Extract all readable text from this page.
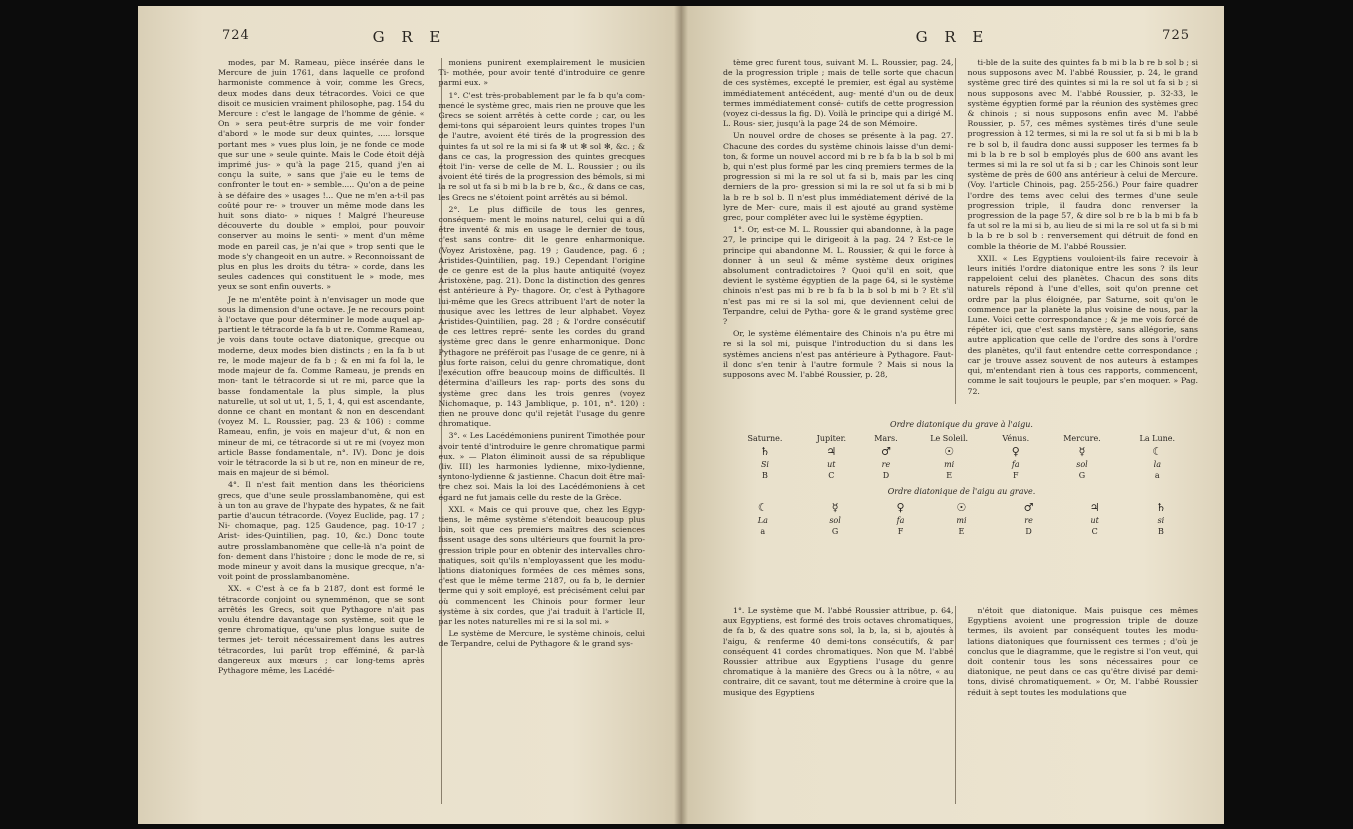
724	G R E

modes, par M. Rameau, pièce insérée dans le Mercure de juin 1761, dans laquelle ce profond harmoniste commence à voir, comme les Grecs, deux modes dans deux tétracordes. Voici ce que disoit ce musicien vraiment philosophe, pag. 154 du Mercure : c'est le langage de l'homme de génie. « On » sera peut-être surpris de me voir fonder d'abord » le mode sur deux quintes, ..... lorsque portant mes » vues plus loin, je ne fonde ce mode que sur une » seule quinte. Mais le Code étoit déjà imprimé jus- » qu'à la page 215, quand j'en ai conçu la suite, » sans que j'aie eu le tems de confronter le tout en- » semble..... Qu'on a de peine à se défaire des » usages !... Que ne m'en a-t-il pas coûté pour re- » trouver un même mode dans les huit sons diato- » niques ! Malgré l'heureuse découverte du double » emploi, pour pouvoir conserver au moins le senti- » ment d'un même mode en pareil cas, je n'ai que » trop senti que le mode s'y changeoit en un autre. » Reconnoissant de plus en plus les droits du tétra- » corde, dans les seules cadences qui constituent le » mode, mes yeux se sont enfin ouverts. »

Je ne m'entête point à n'envisager un mode que sous la dimension d'une octave. Je ne recours point à l'octave que pour déterminer le mode auquel ap- partient le tétracorde la fa b ut re. Comme Rameau, je vois dans toute octave diatonique, grecque ou moderne, deux modes bien distincts ; en la fa b ut re, le mode majeur de fa b ; & en mi fa fol la, le mode majeur de fa. Comme Rameau, je prends en mon- tant le tétracorde si ut re mi, parce que la basse fondamentale la plus simple, la plus naturelle, ut sol ut ut, 1, 5, 1, 4, qui est ascendante, donne ce chant en montant & non en descendant (voyez M. L. Roussier, pag. 23 & 106) : comme Rameau, enfin, je vois en majeur d'ut, & non en mineur de mi, ce tétracorde si ut re mi (voyez mon article Basse fondamentale, n°. IV). Donc je dois voir le tétracorde la si b ut re, non en mineur de re, mais en majeur de si bémol.

4°. Il n'est fait mention dans les théoriciens grecs, que d'une seule prosslambanomène, qui est à un ton au grave de l'hypate des hypates, & ne fait partie d'aucun tétracorde. (Voyez Euclide, pag. 17 ; Ni- chomaque, pag. 125 Gaudence, pag. 10-17 ; Arist- ides-Quintilien, pag. 10, &c.) Donc toute autre prosslambanomène que celle-là n'a point de fon- dement dans l'histoire ; donc le mode de re, si mode mineur y avoit dans la musique grecque, n'a- voit point de prosslambanomène.

XX. « C'est à ce fa b 2187, dont est formé le tétracorde conjoint ou synemménon, que se sont arrêtés les Grecs, soit que Pythagore n'ait pas voulu étendre davantage son système, soit que le genre chromatique, qu'une plus longue suite de termes jet- teroit nécessairement dans les autres tétracordes, lui parût trop efféminé, & par-là dangereux aux mœurs ; car long-tems après Pythagore même, les Lacédé-

moniens punirent exemplairement le musicien Ti- mothée, pour avoir tenté d'introduire ce genre parmi eux. »

1°. C'est très-probablement par le fa b qu'a com- mencé le système grec, mais rien ne prouve que les Grecs se soient arrêtés à cette corde ; car, ou les demi-tons qui séparoient leurs quintes tropes l'un de l'autre, avoient été tirés de la progression des quintes fa ut sol re la mi si fa ✻ ut ✻ sol ✻, &c. ; & dans ce cas, la progression des quintes grecques étoit l'in- verse de celle de M. L. Roussier ; ou ils avoient été tirés de la progression des bémols, si mi la re sol ut fa si b mi b la b re b, &c., & dans ce cas, les Grecs ne s'étoient point arrêtés au si bémol.

2°. Le plus difficile de tous les genres, conséquem- ment le moins naturel, celui qui a dû être inventé & mis en usage le dernier de tous, c'est sans contre- dit le genre enharmonique. (Voyez Aristoxène, pag. 19 ; Gaudence, pag. 6 ; Aristides-Quintilien, pag. 19.) Cependant l'origine de ce genre est de la plus haute antiquité (voyez Aristoxène, pag. 21). Donc la distinction des genres est antérieure à Py- thagore. Or, c'est à Pythagore lui-même que les Grecs attribuent l'art de noter la musique avec les lettres de leur alphabet. Voyez Aristides-Quintilien, pag. 28 ; & l'ordre consécutif de ces lettres repré- sente les cordes du grand système grec dans le genre enharmonique. Donc Pythagore ne préféroit pas l'usage de ce genre, ni à plus forte raison, celui du genre chromatique, dont l'exécution offre beaucoup moins de difficultés. Il détermina d'ailleurs les rap- ports des sons du système grec dans les trois genres (voyez Nichomaque, p. 143 Jamblique, p. 101, n°. 120) : rien ne prouve donc qu'il rejetât l'usage du genre chromatique.

3°. « Les Lacédémoniens punirent Timothée pour avoir tenté d'introduire le genre chromatique parmi eux. » — Platon éliminoit aussi de sa république (liv. III) les harmonies lydienne, mixo-lydienne, syntono-lydienne & jastienne. Chacun doit être maî- tre chez soi. Mais la loi des Lacédémoniens à cet égard ne fut jamais celle du reste de la Grèce.

XXI. « Mais ce qui prouve que, chez les Egyp- tiens, le même système s'étendoit beaucoup plus loin, soit que ces premiers maîtres des sciences fissent usage des sons ultérieurs que fournit la pro- gression triple pour en obtenir des intervalles chro- matiques, soit qu'ils n'employassent que les modu- lations diatoniques formées de ces mêmes sons, c'est que le même terme 2187, ou fa b, le dernier terme qui y soit employé, est précisément celui par où commencent les Chinois pour former leur système à six cordes, que j'ai traduit à l'article II, par les notes naturelles mi re si la sol mi. »

Le système de Mercure, le système chinois, celui de Terpandre, celui de Pythagore & le grand sys-

G R E	725

tème grec furent tous, suivant M. L. Roussier, pag. 24, de la progression triple ; mais de telle sorte que chacun de ces systèmes, excepté le premier, est égal au système immédiatement antécédent, aug- menté d'un ou de deux termes immédiatement consé- cutifs de cette progression (voyez ci-dessus la fig. D). Voilà le principe qui a dirigé M. L. Rous- sier, jusqu'à la page 24 de son Mémoire.

Un nouvel ordre de choses se présente à la pag. 27. Chacune des cordes du système chinois laisse d'un demi-ton, & forme un nouvel accord mi b re b fa b la b sol b mi b, qui n'est plus formé par les cinq premiers termes de la progression si mi la re sol ut fa si b, mais par les cinq derniers de la pro- gression si mi la re sol ut fa si b mi b la b re b sol b. Il n'est plus immédiatement dérivé de la lyre de Mer- cure, mais il est ajouté au grand système grec, pour compléter avec lui le système égyptien.

1°. Or, est-ce M. L. Roussier qui abandonne, à la page 27, le principe qui le dirigeoit à la pag. 24 ? Est-ce le principe qui abandonne M. L. Roussier, & qui le force à donner à un seul & même système deux origines absolument contradictoires ? Quoi qu'il en soit, que devient le système égyptien de la page 64, si le système chinois n'est pas mi b re b fa b la b sol b mi b ? Et s'il n'est pas mi re si la sol mi, que deviennent celui de Terpandre, celui de Pytha- gore & le grand système grec ?

Or, le système élémentaire des Chinois n'a pu être mi re si la sol mi, puisque l'introduction du si dans les systèmes anciens n'est pas antérieure à Pythagore. Faut-il donc s'en tenir à l'autre formule ? Mais si nous la supposons avec M. l'abbé Roussier, p. 28,

ti-ble de la suite des quintes fa b mi b la b re b sol b ; si nous supposons avec M. l'abbé Roussier, p. 24, le grand système grec tiré des quintes si mi la re sol ut fa si b ; si nous supposons avec M. l'abbé Roussier, p. 32-33, le système égyptien formé par la réunion des systèmes grec & chinois ; si nous supposons enfin avec M. l'abbé Roussier, p. 57, ces mêmes systèmes tirés d'une seule progression à 12 termes, si mi la re sol ut fa si b mi b la b re b sol b, il faudra donc aussi supposer les termes fa b mi b la b re b sol b employés plus de 600 ans avant les termes si mi la re sol ut fa si b ; car les Chinois sont leur système de près de 600 ans antérieur à celui de Mercure. (Voy. l'article Chinois, pag. 255-256.) Pour faire quadrer l'ordre des tems avec celui des termes d'une seule progression triple, il faudra donc renverser la progression de la page 57, & dire sol b re b la b mi b fa b fa ut sol re la mi si b, au lieu de si mi la re sol ut fa si b mi b la b re b sol b : renversement qui détruit de fond en comble la théorie de M. l'abbé Roussier.

XXII. « Les Egyptiens vouloient-ils faire recevoir à leurs initiés l'ordre diatonique entre les sons ? ils leur rappeloient celui des planètes. Chacun des sons dits naturels répond à l'une d'elles, soit qu'on prenne cet ordre par la plus éloignée, par Saturne, soit qu'on le commence par la planète la plus voisine de nous, par la Lune. Voici cette correspondance ; & je me vois forcé de répéter ici, que c'est sans mystère, sans allégorie, sans autre application que celle de l'ordre des sons à l'ordre des planètes, qu'il faut entendre cette correspondance ; car je trouve assez souvent de nos auteurs à estampes qui, m'entendant rien à tous ces rapports, commencent, comme le sait toujours le peuple, par s'en moquer. » Pag. 72.

Ordre diatonique du grave à l'aigu.
Saturne.	Jupiter.	Mars.	Le Soleil.	Vénus.	Mercure.	La Lune.
♄	♃	♂	☉	♀	☿	☾
Si	ut	re	mi	fa	sol	la
B	C	D	E	F	G	a
Ordre diatonique de l'aigu au grave.
☾	☿	♀	☉	♂	♃	♄
La	sol	fa	mi	re	ut	si
a	G	F	E	D	C	B

1°. Le système que M. l'abbé Roussier attribue, p. 64, aux Egyptiens, est formé des trois octaves chromatiques, de fa b, & des quatre sons sol, la b, la, si b, ajoutés à l'aigu, & renferme 40 demi-tons consécutifs, & par conséquent 41 cordes chromatiques. Non que M. l'abbé Roussier attribue aux Egyptiens l'usage du genre chromatique à la manière des Grecs ou à la nôtre, « au contraire, dit ce savant, tout me détermine à croire que la musique des Egyptiens

n'étoit que diatonique. Mais puisque ces mêmes Egyptiens avoient une progression triple de douze termes, ils avoient par conséquent toutes les modu- lations diatoniques que fournissent ces termes ; d'où je conclus que le diagramme, que le registre si l'on veut, qui doit contenir tous les sons nécessaires pour ce diatonique, ne peut dans ce cas qu'être divisé par demi-tons, divisé chromatiquement. » Or, M. l'abbé Roussier réduit à sept toutes les modulations que
